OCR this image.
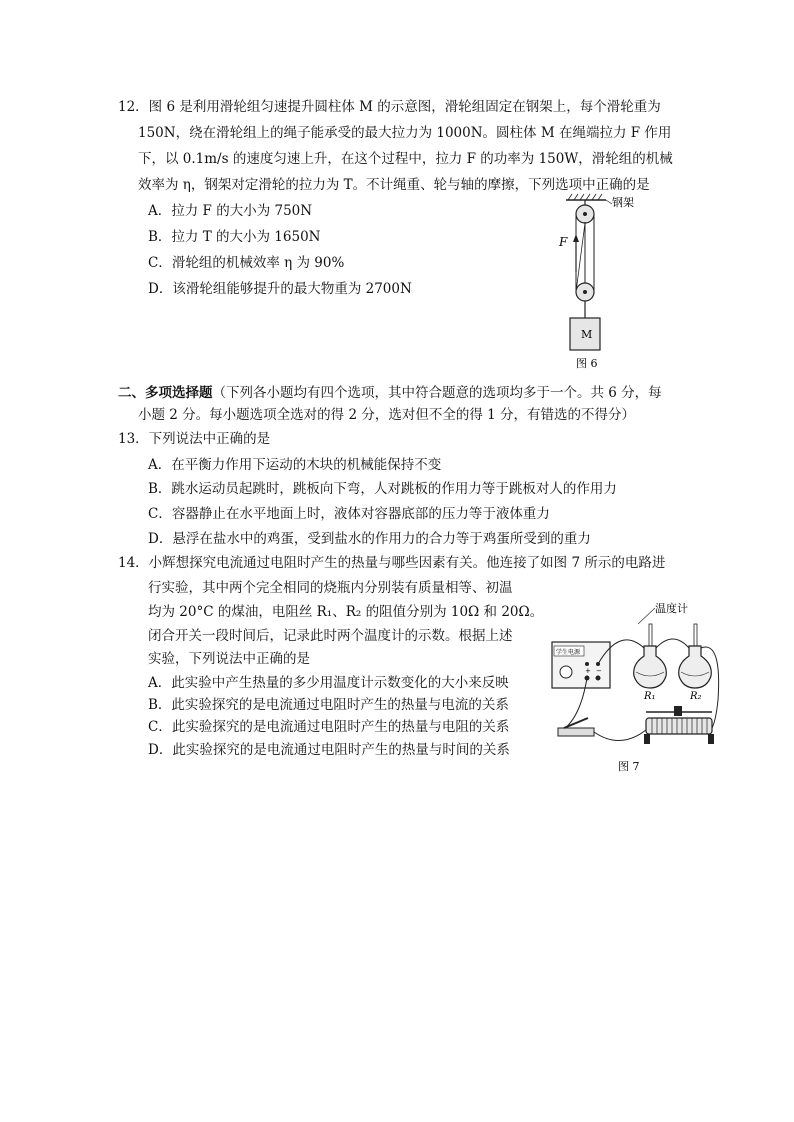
12．图 6 是利用滑轮组匀速提升圆柱体 M 的示意图，滑轮组固定在钢架上，每个滑轮重为
150N，绕在滑轮组上的绳子能承受的最大拉力为 1000N。圆柱体 M 在绳端拉力 F 作用
下，以 0.1m/s 的速度匀速上升，在这个过程中，拉力 F 的功率为 150W，滑轮组的机械
效率为 η，钢架对定滑轮的拉力为 T。不计绳重、轮与轴的摩擦，下列选项中正确的是
A．拉力 F 的大小为 750N
B．拉力 T 的大小为 1650N
C．滑轮组的机械效率 η 为 90%
D．该滑轮组能够提升的最大物重为 2700N
F
钢架
M
图 6
二、多项选择题（下列各小题均有四个选项，其中符合题意的选项均多于一个。共 6 分，每
小题 2 分。每小题选项全选对的得 2 分，选对但不全的得 1 分，有错选的不得分）
13．下列说法中正确的是
A．在平衡力作用下运动的木块的机械能保持不变
B．跳水运动员起跳时，跳板向下弯，人对跳板的作用力等于跳板对人的作用力
C．容器静止在水平地面上时，液体对容器底部的压力等于液体重力
D．悬浮在盐水中的鸡蛋，受到盐水的作用力的合力等于鸡蛋所受到的重力
14．小辉想探究电流通过电阻时产生的热量与哪些因素有关。他连接了如图 7 所示的电路进
行实验，其中两个完全相同的烧瓶内分别装有质量相等、初温
均为 20°C 的煤油，电阻丝 R₁、R₂ 的阻值分别为 10Ω 和 20Ω。
闭合开关一段时间后，记录此时两个温度计的示数。根据上述
实验，下列说法中正确的是
A．此实验中产生热量的多少用温度计示数变化的大小来反映
B．此实验探究的是电流通过电阻时产生的热量与电流的关系
C．此实验探究的是电流通过电阻时产生的热量与电阻的关系
D．此实验探究的是电流通过电阻时产生的热量与时间的关系
温度计
学生电源
+ −
R₁	R₂
图 7
